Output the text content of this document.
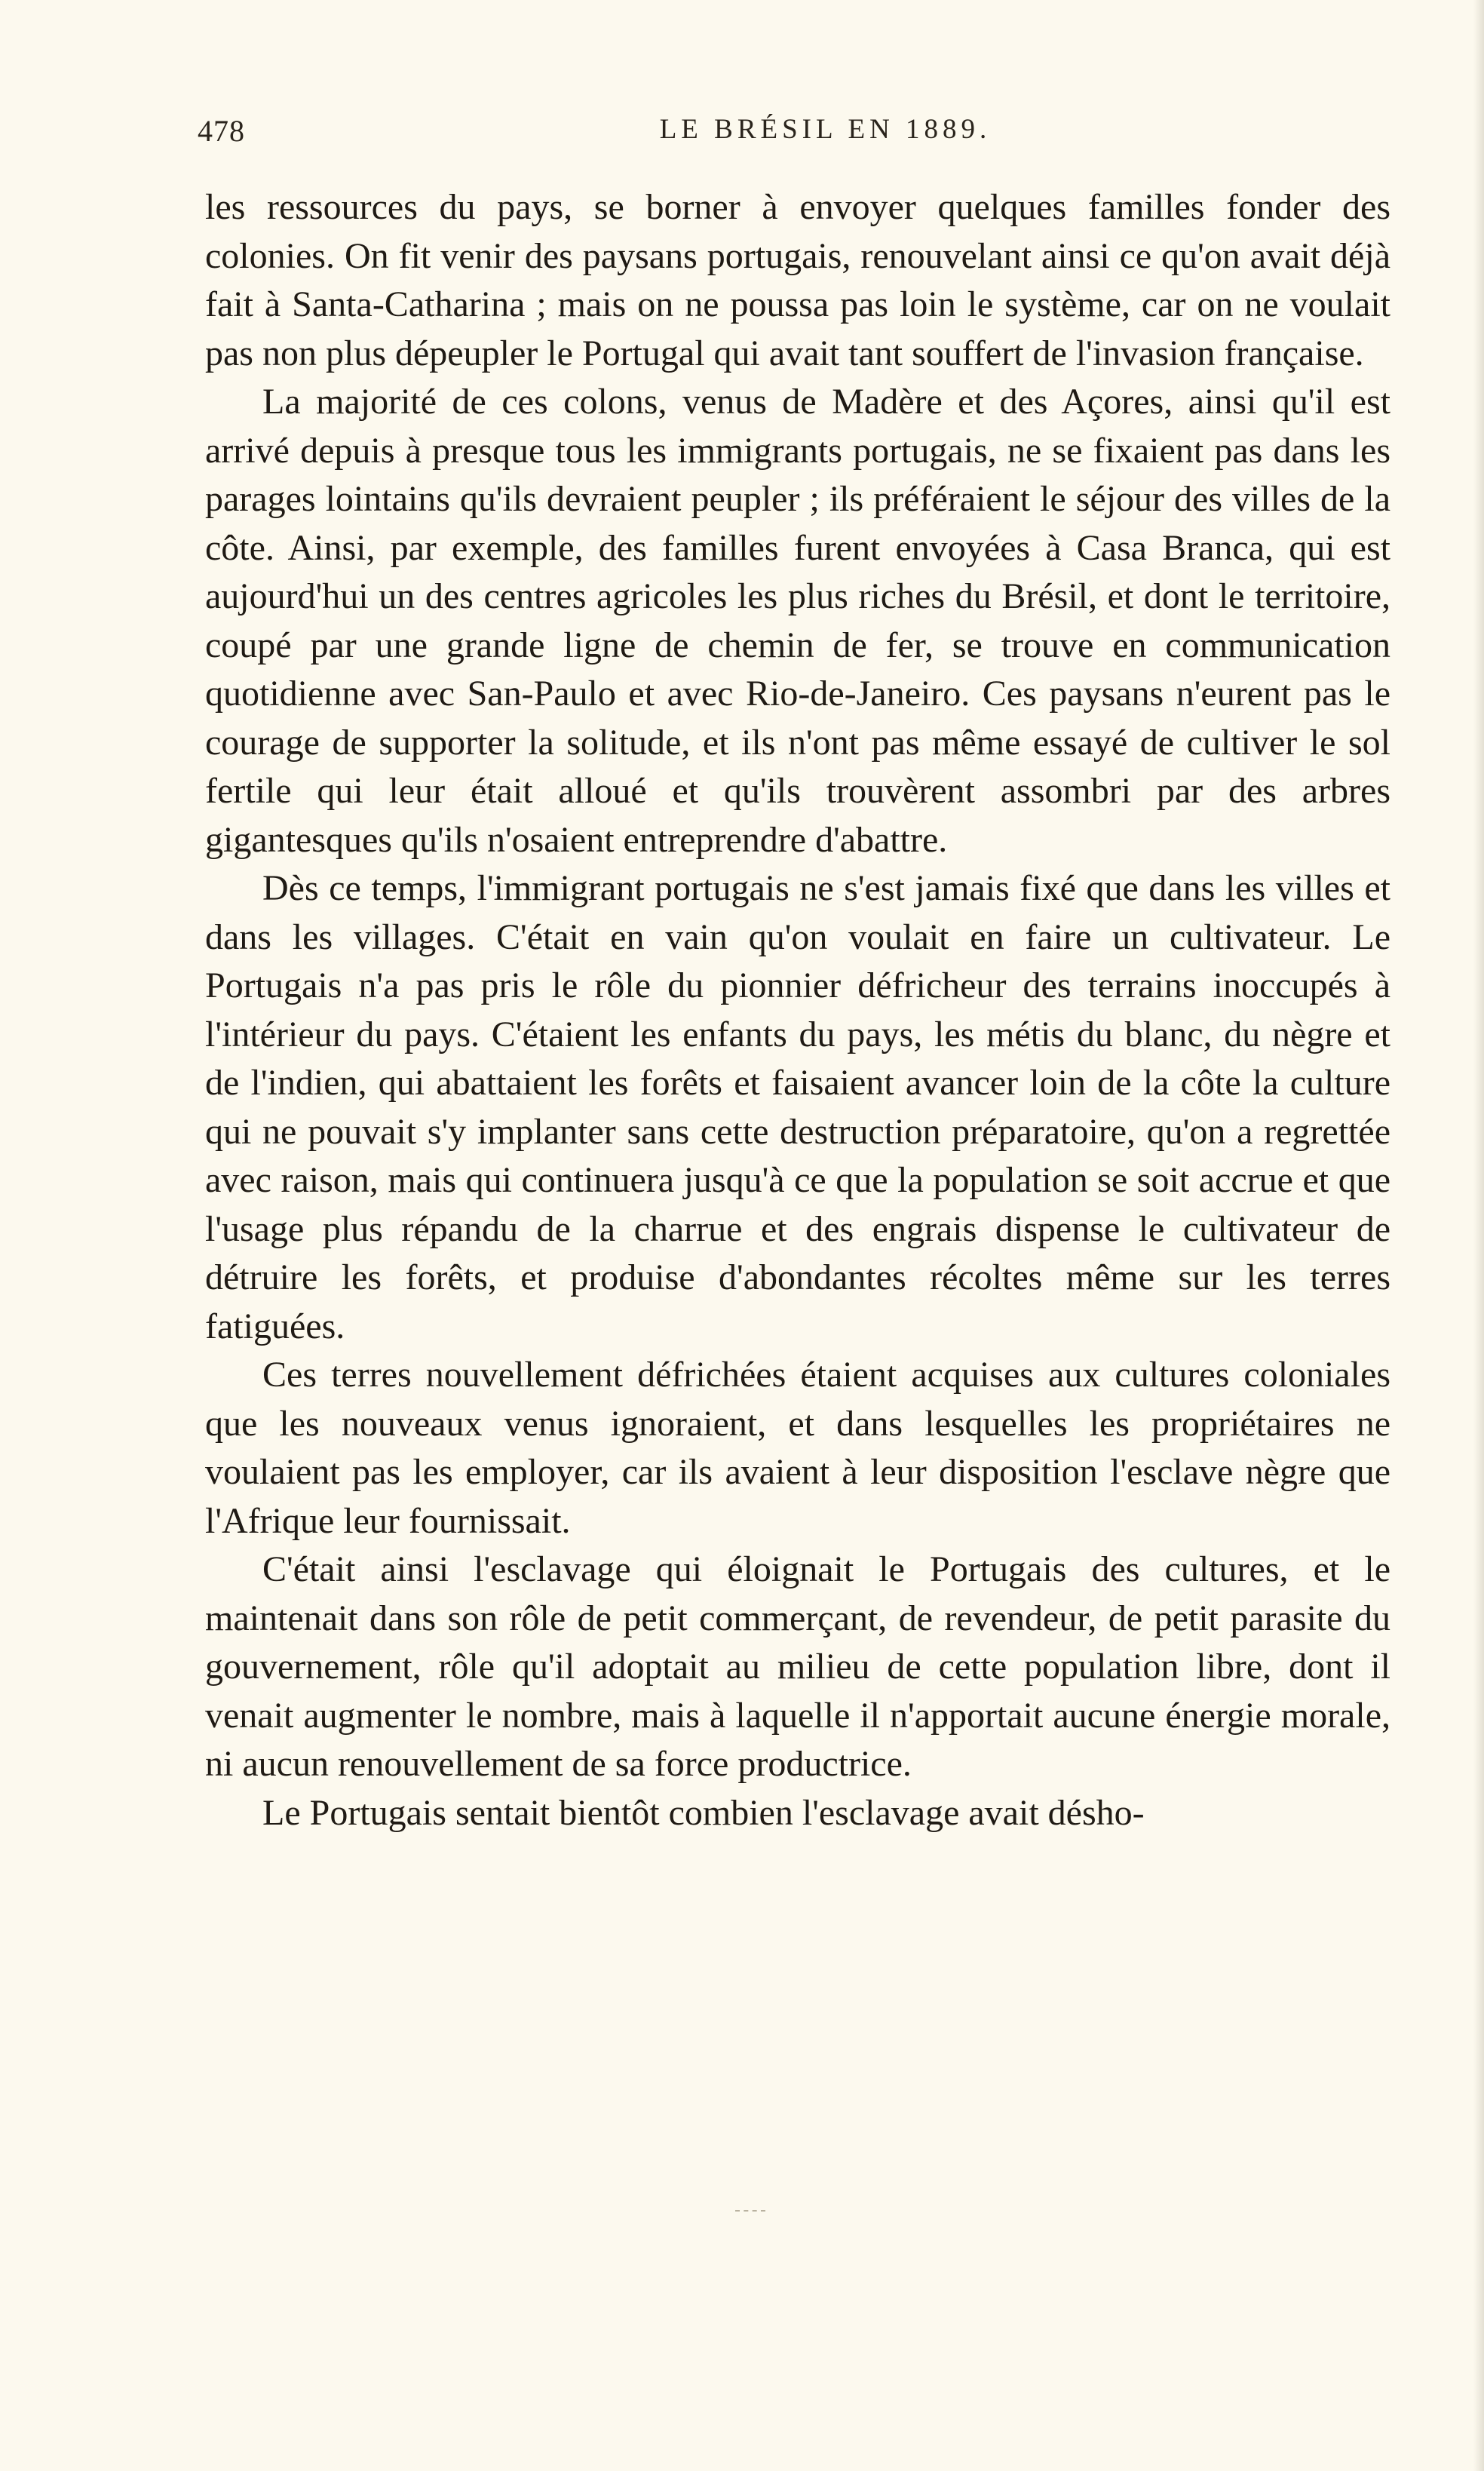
478	LE BRÉSIL EN 1889.

les ressources du pays, se borner à envoyer quelques familles fonder des colonies. On fit venir des paysans portugais, renouvelant ainsi ce qu'on avait déjà fait à Santa-Catharina ; mais on ne poussa pas loin le système, car on ne voulait pas non plus dépeupler le Portugal qui avait tant souffert de l'invasion française.

La majorité de ces colons, venus de Madère et des Açores, ainsi qu'il est arrivé depuis à presque tous les immigrants portugais, ne se fixaient pas dans les parages lointains qu'ils devraient peupler ; ils préféraient le séjour des villes de la côte. Ainsi, par exemple, des familles furent envoyées à Casa Branca, qui est aujourd'hui un des centres agricoles les plus riches du Brésil, et dont le territoire, coupé par une grande ligne de chemin de fer, se trouve en communication quotidienne avec San-Paulo et avec Rio-de-Janeiro. Ces paysans n'eurent pas le courage de supporter la solitude, et ils n'ont pas même essayé de cultiver le sol fertile qui leur était alloué et qu'ils trouvèrent assombri par des arbres gigantesques qu'ils n'osaient entreprendre d'abattre.

Dès ce temps, l'immigrant portugais ne s'est jamais fixé que dans les villes et dans les villages. C'était en vain qu'on voulait en faire un cultivateur. Le Portugais n'a pas pris le rôle du pionnier défricheur des terrains inoccupés à l'intérieur du pays. C'étaient les enfants du pays, les métis du blanc, du nègre et de l'indien, qui abattaient les forêts et faisaient avancer loin de la côte la culture qui ne pouvait s'y implanter sans cette destruction préparatoire, qu'on a regrettée avec raison, mais qui continuera jusqu'à ce que la population se soit accrue et que l'usage plus répandu de la charrue et des engrais dispense le cultivateur de détruire les forêts, et produise d'abondantes récoltes même sur les terres fatiguées.

Ces terres nouvellement défrichées étaient acquises aux cultures coloniales que les nouveaux venus ignoraient, et dans lesquelles les propriétaires ne voulaient pas les employer, car ils avaient à leur disposition l'esclave nègre que l'Afrique leur fournissait.

C'était ainsi l'esclavage qui éloignait le Portugais des cultures, et le maintenait dans son rôle de petit commerçant, de revendeur, de petit parasite du gouvernement, rôle qu'il adoptait au milieu de cette population libre, dont il venait augmenter le nombre, mais à laquelle il n'apportait aucune énergie morale, ni aucun renouvellement de sa force productrice.

Le Portugais sentait bientôt combien l'esclavage avait désho-
